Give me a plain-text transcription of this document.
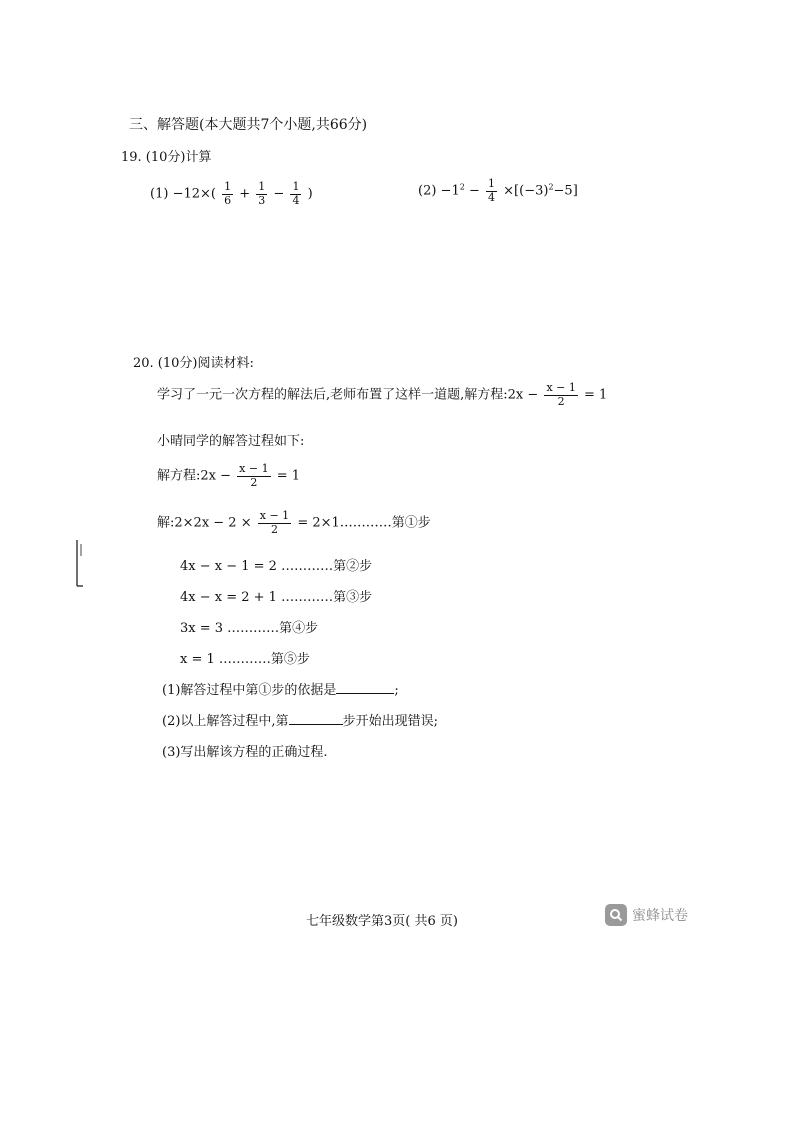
三、解答题(本大题共7个小题,共66分)
19. (10分)计算
$(1) -12\times( \frac{1}{6} + \frac{1}{3} - \frac{1}{4}$ )	$(2) -1^2 - \frac{1}{4} \times[(-3)^2-5]$
20. (10分)阅读材料:
学习了一元一次方程的解法后,老师布置了这样一道题,解方程:2x − $\frac{x - 1}{2} = 1$
小晴同学的解答过程如下:
解方程:2x − $\frac{x - 1}{2} = 1$
解:2×2x − $2 \times \frac{x - 1}{2}$ = 2×1…………第①步
4x − x − 1 = 2 …………第②步
4x − x = 2 + 1 …………第③步
3x = 3 …………第④步
x = 1 …………第⑤步
(1)解答过程中第①步的依据是	;
(2)以上解答过程中,第	步开始出现错误;
(3)写出解该方程的正确过程.
七年级数学第3页( 共6 页)	蜜蜂试卷
